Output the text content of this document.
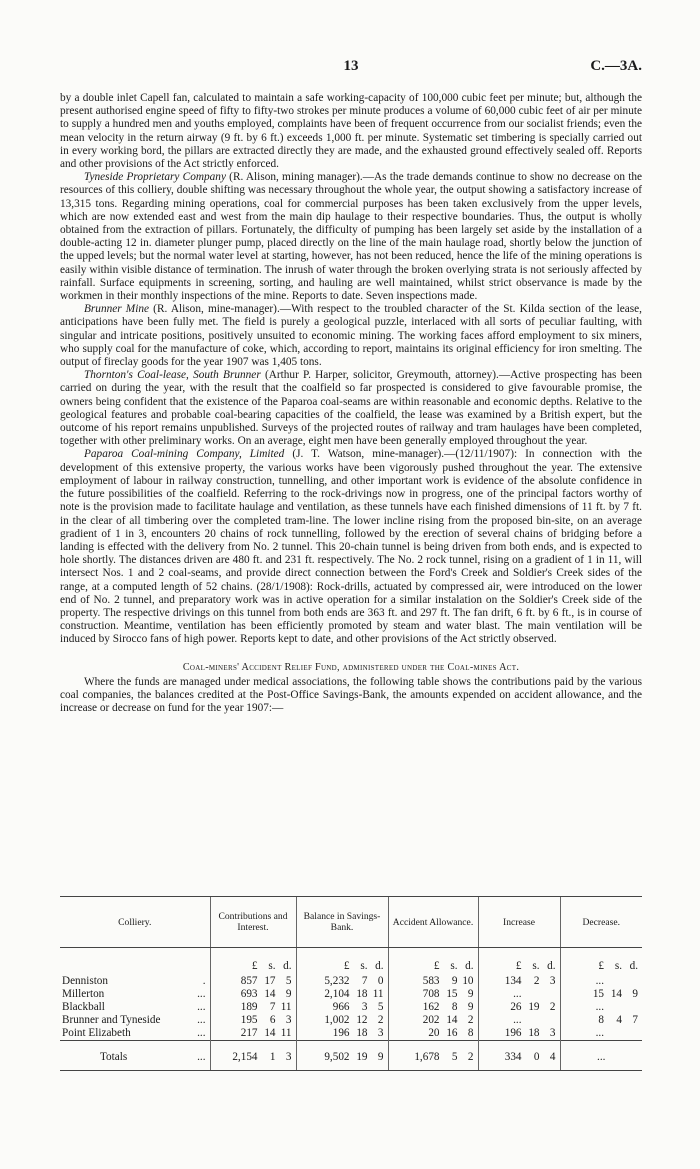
13	C.—3A.

by a double inlet Capell fan, calculated to maintain a safe working-capacity of 100,000 cubic feet per minute; but, although the present authorised engine speed of fifty to fifty-two strokes per minute produces a volume of 60,000 cubic feet of air per minute to supply a hundred men and youths employed, complaints have been of frequent occurrence from our socialist friends; even the mean velocity in the return airway (9 ft. by 6 ft.) exceeds 1,000 ft. per minute. Systematic set timbering is specially carried out in every working bord, the pillars are extracted directly they are made, and the exhausted ground effectively sealed off. Reports and other provisions of the Act strictly enforced.

Tyneside Proprietary Company (R. Alison, mining manager).—As the trade demands continue to show no decrease on the resources of this colliery, double shifting was necessary throughout the whole year, the output showing a satisfactory increase of 13,315 tons. Regarding mining operations, coal for commercial purposes has been taken exclusively from the upper levels, which are now extended east and west from the main dip haulage to their respective boundaries. Thus, the output is wholly obtained from the extraction of pillars. Fortunately, the difficulty of pumping has been largely set aside by the installation of a double-acting 12 in. diameter plunger pump, placed directly on the line of the main haulage road, shortly below the junction of the upped levels; but the normal water level at starting, however, has not been reduced, hence the life of the mining operations is easily within visible distance of termination. The inrush of water through the broken overlying strata is not seriously affected by rainfall. Surface equipments in screening, sorting, and hauling are well maintained, whilst strict observance is made by the workmen in their monthly inspections of the mine. Reports to date. Seven inspections made.

Brunner Mine (R. Alison, mine-manager).—With respect to the troubled character of the St. Kilda section of the lease, anticipations have been fully met. The field is purely a geological puzzle, interlaced with all sorts of peculiar faulting, with singular and intricate positions, positively unsuited to economic mining. The working faces afford employment to six miners, who supply coal for the manufacture of coke, which, according to report, maintains its original efficiency for iron smelting. The output of fireclay goods for the year 1907 was 1,405 tons.

Thornton's Coal-lease, South Brunner (Arthur P. Harper, solicitor, Greymouth, attorney).—Active prospecting has been carried on during the year, with the result that the coalfield so far prospected is considered to give favourable promise, the owners being confident that the existence of the Paparoa coal-seams are within reasonable and economic depths. Relative to the geological features and probable coal-bearing capacities of the coalfield, the lease was examined by a British expert, but the outcome of his report remains unpublished. Surveys of the projected routes of railway and tram haulages have been completed, together with other preliminary works. On an average, eight men have been generally employed throughout the year.

Paparoa Coal-mining Company, Limited (J. T. Watson, mine-manager).—(12/11/1907): In connection with the development of this extensive property, the various works have been vigorously pushed throughout the year. The extensive employment of labour in railway construction, tunnelling, and other important work is evidence of the absolute confidence in the future possibilities of the coalfield. Referring to the rock-drivings now in progress, one of the principal factors worthy of note is the provision made to facilitate haulage and ventilation, as these tunnels have each finished dimensions of 11 ft. by 7 ft. in the clear of all timbering over the completed tram-line. The lower incline rising from the proposed bin-site, on an average gradient of 1 in 3, encounters 20 chains of rock tunnelling, followed by the erection of several chains of bridging before a landing is effected with the delivery from No. 2 tunnel. This 20-chain tunnel is being driven from both ends, and is expected to hole shortly. The distances driven are 480 ft. and 231 ft. respectively. The No. 2 rock tunnel, rising on a gradient of 1 in 11, will intersect Nos. 1 and 2 coal-seams, and provide direct connection between the Ford's Creek and Soldier's Creek sides of the range, at a computed length of 52 chains. (28/1/1908): Rock-drills, actuated by compressed air, were introduced on the lower end of No. 2 tunnel, and preparatory work was in active operation for a similar instalation on the Soldier's Creek side of the property. The respective drivings on this tunnel from both ends are 363 ft. and 297 ft. The fan drift, 6 ft. by 6 ft., is in course of construction. Meantime, ventilation has been efficiently promoted by steam and water blast. The main ventilation will be induced by Sirocco fans of high power. Reports kept to date, and other provisions of the Act strictly observed.

Coal-miners' Accident Relief Fund, administered under the Coal-mines Act.

Where the funds are managed under medical associations, the following table shows the contributions paid by the various coal companies, the balances credited at the Post-Office Savings-Bank, the amounts expended on accident allowance, and the increase or decrease on fund for the year 1907:—

Colliery.	Contributions and Interest.	Balance in Savings-Bank.	Accident Allowance.	Increase	Decrease.

	£ s. d.	£ s. d.	£ s. d.	£ s. d.	£ s. d.

Denniston .	857 17 5	5,232 7 0	583 9 10	134 2 3	...

Millerton ...	693 14 9	2,104 18 11	708 15 9	...	15 14 9

Blackball ...	189 7 11	966 3 5	162 8 9	26 19 2	...

Brunner and Tyneside ...	195 6 3	1,002 12 2	202 14 2	...	8 4 7

Point Elizabeth ...	217 14 11	196 18 3	20 16 8	196 18 3	...

Totals ...	2,154 1 3	9,502 19 9	1,678 5 2	334 0 4	...
